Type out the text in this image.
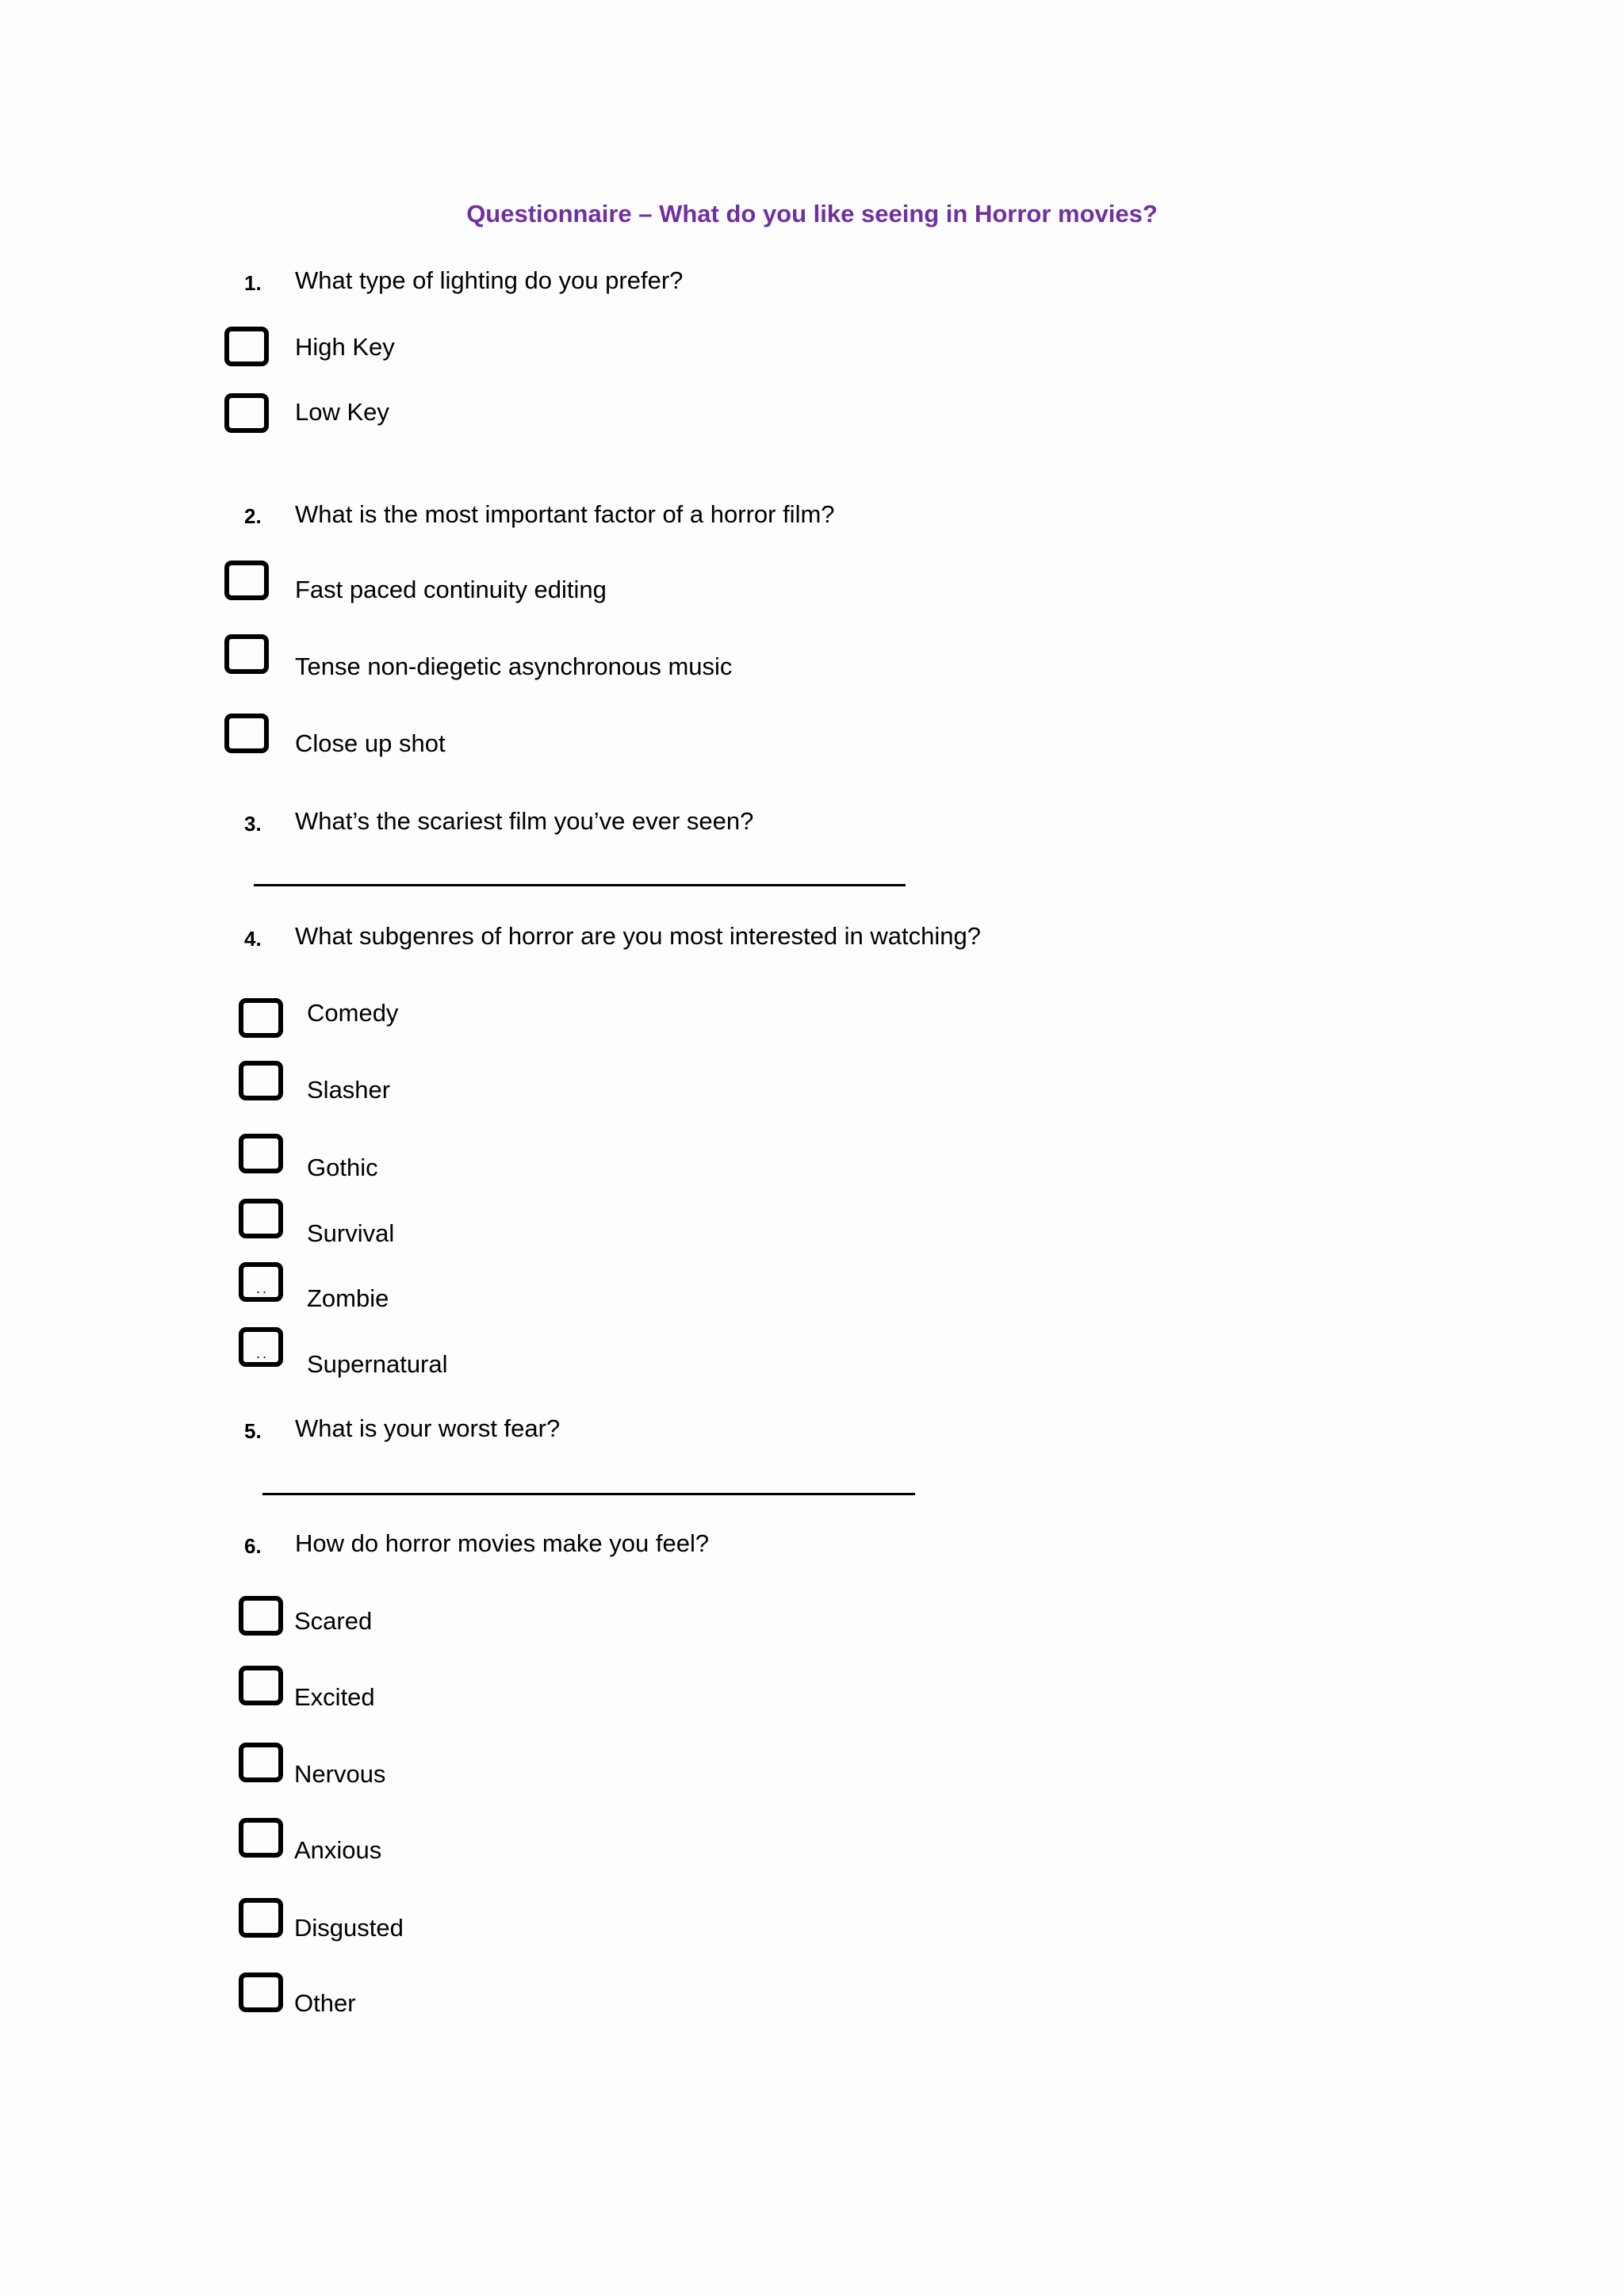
Questionnaire – What do you like seeing in Horror movies?
1. What type of lighting do you prefer?
High Key
Low Key
2. What is the most important factor of a horror film?
Fast paced continuity editing
Tense non-diegetic asynchronous music
Close up shot
3. What’s the scariest film you’ve ever seen?
4. What subgenres of horror are you most interested in watching?
Comedy
Slasher
Gothic
Survival
.. Zombie
.. Supernatural
5. What is your worst fear?
6. How do horror movies make you feel?
Scared
Excited
Nervous
Anxious
Disgusted
Other
